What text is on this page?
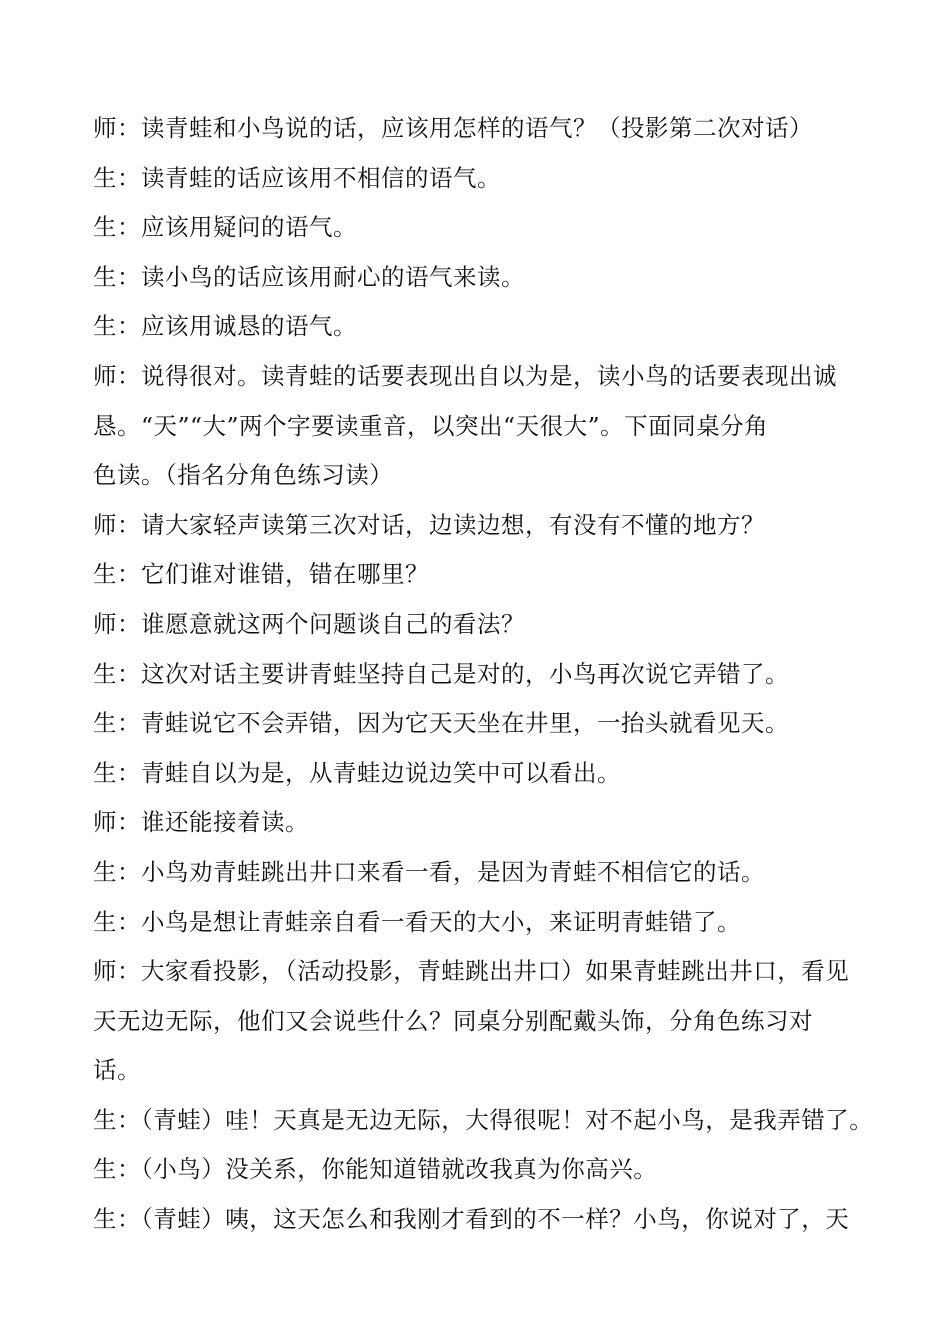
师：读青蛙和小鸟说的话，应该用怎样的语气？（投影第二次对话）
生：读青蛙的话应该用不相信的语气。
生：应该用疑问的语气。
生：读小鸟的话应该用耐心的语气来读。
生：应该用诚恳的语气。
师：说得很对。读青蛙的话要表现出自以为是，读小鸟的话要表现出诚
恳。“天”“大”两个字要读重音，以突出“天很大”。下面同桌分角
色读。（指名分角色练习读）
师：请大家轻声读第三次对话，边读边想，有没有不懂的地方？
生：它们谁对谁错，错在哪里？
师：谁愿意就这两个问题谈自己的看法？
生：这次对话主要讲青蛙坚持自己是对的，小鸟再次说它弄错了。
生：青蛙说它不会弄错，因为它天天坐在井里，一抬头就看见天。
生：青蛙自以为是，从青蛙边说边笑中可以看出。
师：谁还能接着读。
生：小鸟劝青蛙跳出井口来看一看，是因为青蛙不相信它的话。
生：小鸟是想让青蛙亲自看一看天的大小，来证明青蛙错了。
师：大家看投影，（活动投影，青蛙跳出井口）如果青蛙跳出井口，看见
天无边无际，他们又会说些什么？同桌分别配戴头饰，分角色练习对
话。
生：（青蛙）哇！天真是无边无际，大得很呢！对不起小鸟，是我弄错了。
生：（小鸟）没关系，你能知道错就改我真为你高兴。
生：（青蛙）咦，这天怎么和我刚才看到的不一样？小鸟，你说对了，天
